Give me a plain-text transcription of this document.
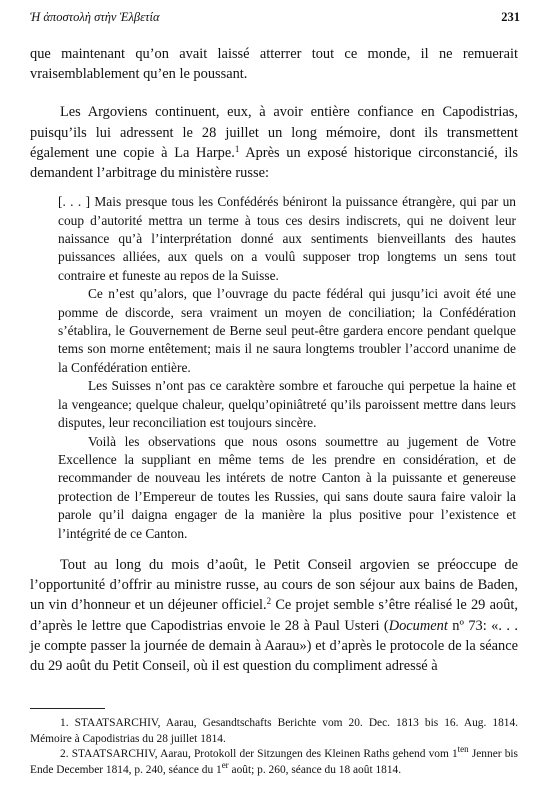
Ἡ ἀποστολὴ στὴν Ἑλβετία	231

que maintenant qu’on avait laissé atterrer tout ce monde, il ne remuerait vraisemblablement qu’en le poussant.

Les Argoviens continuent, eux, à avoir entière confiance en Capodistrias, puisqu’ils lui adressent le 28 juillet un long mémoire, dont ils transmettent également une copie à La Harpe.$^1$ Après un exposé historique circonstancié, ils demandent l’arbitrage du ministère russe:

[. . . ] Mais presque tous les Confédérés béniront la puissance étrangère, qui par un coup d’autorité mettra un terme à tous ces desirs indiscrets, qui ne doivent leur naissance qu’à l’interprétation donné aux sentiments bienveillants des hautes puissances alliées, aux quels on a voulû supposer trop longtems un sens tout contraire et funeste au repos de la Suisse.

Ce n’est qu’alors, que l’ouvrage du pacte fédéral qui jusqu’ici avoit été une pomme de discorde, sera vraiment un moyen de conciliation; la Confédération s’établira, le Gouvernement de Berne seul peut-être gardera encore pendant quelque tems son morne entêtement; mais il ne saura longtems troubler l’accord unanime de la Confédération entière.

Les Suisses n’ont pas ce caraktère sombre et farouche qui perpetue la haine et la vengeance; quelque chaleur, quelqu’opiniâtreté qu’ils paroissent mettre dans leurs disputes, leur reconciliation est toujours sincère.

Voilà les observations que nous osons soumettre au jugement de Votre Excellence la suppliant en même tems de les prendre en considération, et de recommander de nouveau les intérets de notre Canton à la puissante et genereuse protection de l’Empereur de toutes les Russies, qui sans doute saura faire valoir la parole qu’il daigna engager de la manière la plus positive pour l’existence et l’intégrité de ce Canton.

Tout au long du mois d’août, le Petit Conseil argovien se préoccupe de l’opportunité d’offrir au ministre russe, au cours de son séjour aux bains de Baden, un vin d’honneur et un déjeuner officiel.$^2$ Ce projet semble s’être réalisé le 29 août, d’après le lettre que Capodistrias envoie le 28 à Paul Usteri (Document nº 73: «. . . je compte passer la journée de demain à Aarau») et d’après le protocole de la séance du 29 août du Petit Conseil, où il est question du compliment adressé à

1. STAATSARCHIV, Aarau, Gesandtschafts Berichte vom 20. Dec. 1813 bis 16. Aug. 1814. Mémoire à Capodistrias du 28 juillet 1814.

2. STAATSARCHIV, Aarau, Protokoll der Sitzungen des Kleinen Raths gehend vom $1^{ten}$ Jenner bis Ende December 1814, p. 240, séance du 1er août; p. 260, séance du 18 août 1814.
